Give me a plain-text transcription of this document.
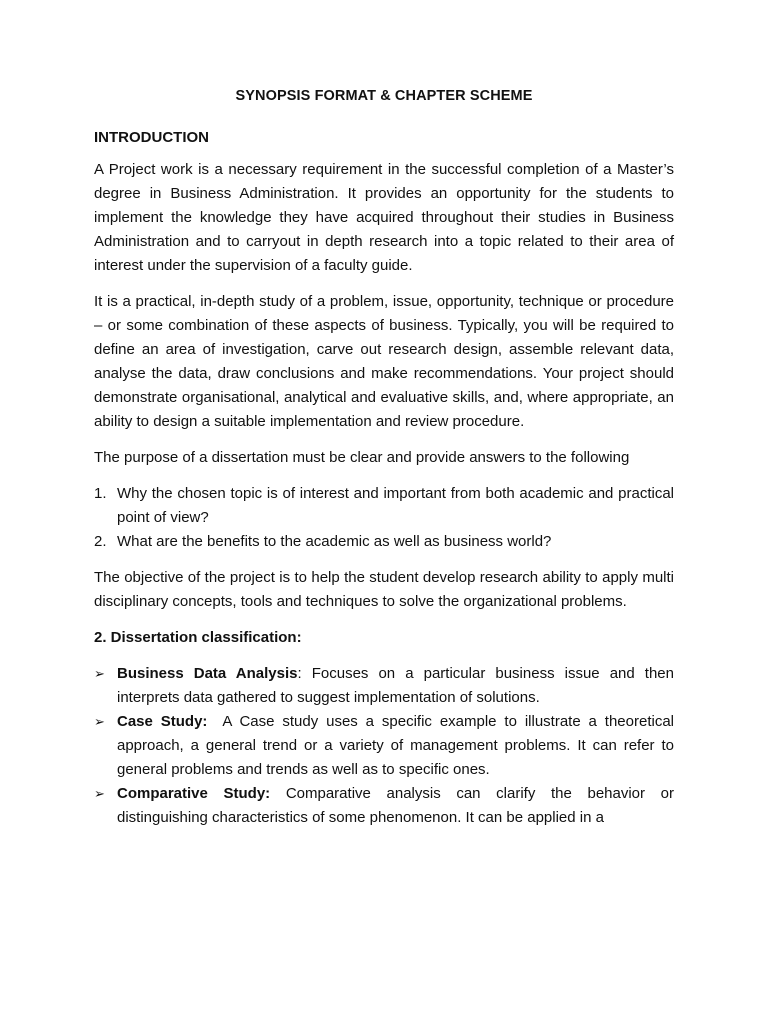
SYNOPSIS FORMAT & CHAPTER SCHEME
INTRODUCTION

A Project work is a necessary requirement in the successful completion of a Master’s degree in Business Administration. It provides an opportunity for the students to implement the knowledge they have acquired throughout their studies in Business Administration and to carryout in depth research into a topic related to their area of interest under the supervision of a faculty guide.

It is a practical, in-depth study of a problem, issue, opportunity, technique or procedure – or some combination of these aspects of business. Typically, you will be required to define an area of investigation, carve out research design, assemble relevant data, analyse the data, draw conclusions and make recommendations. Your project should demonstrate organisational, analytical and evaluative skills, and, where appropriate, an ability to design a suitable implementation and review procedure.

The purpose of a dissertation must be clear and provide answers to the following

1. Why the chosen topic is of interest and important from both academic and practical point of view?
2. What are the benefits to the academic as well as business world?

The objective of the project is to help the student develop research ability to apply multi disciplinary concepts, tools and techniques to solve the organizational problems.

2. Dissertation classification:
➢ Business Data Analysis: Focuses on a particular business issue and then interprets data gathered to suggest implementation of solutions.
➢ Case Study: A Case study uses a specific example to illustrate a theoretical approach, a general trend or a variety of management problems. It can refer to general problems and trends as well as to specific ones.
➢ Comparative Study: Comparative analysis can clarify the behavior or distinguishing characteristics of some phenomenon. It can be applied in a
